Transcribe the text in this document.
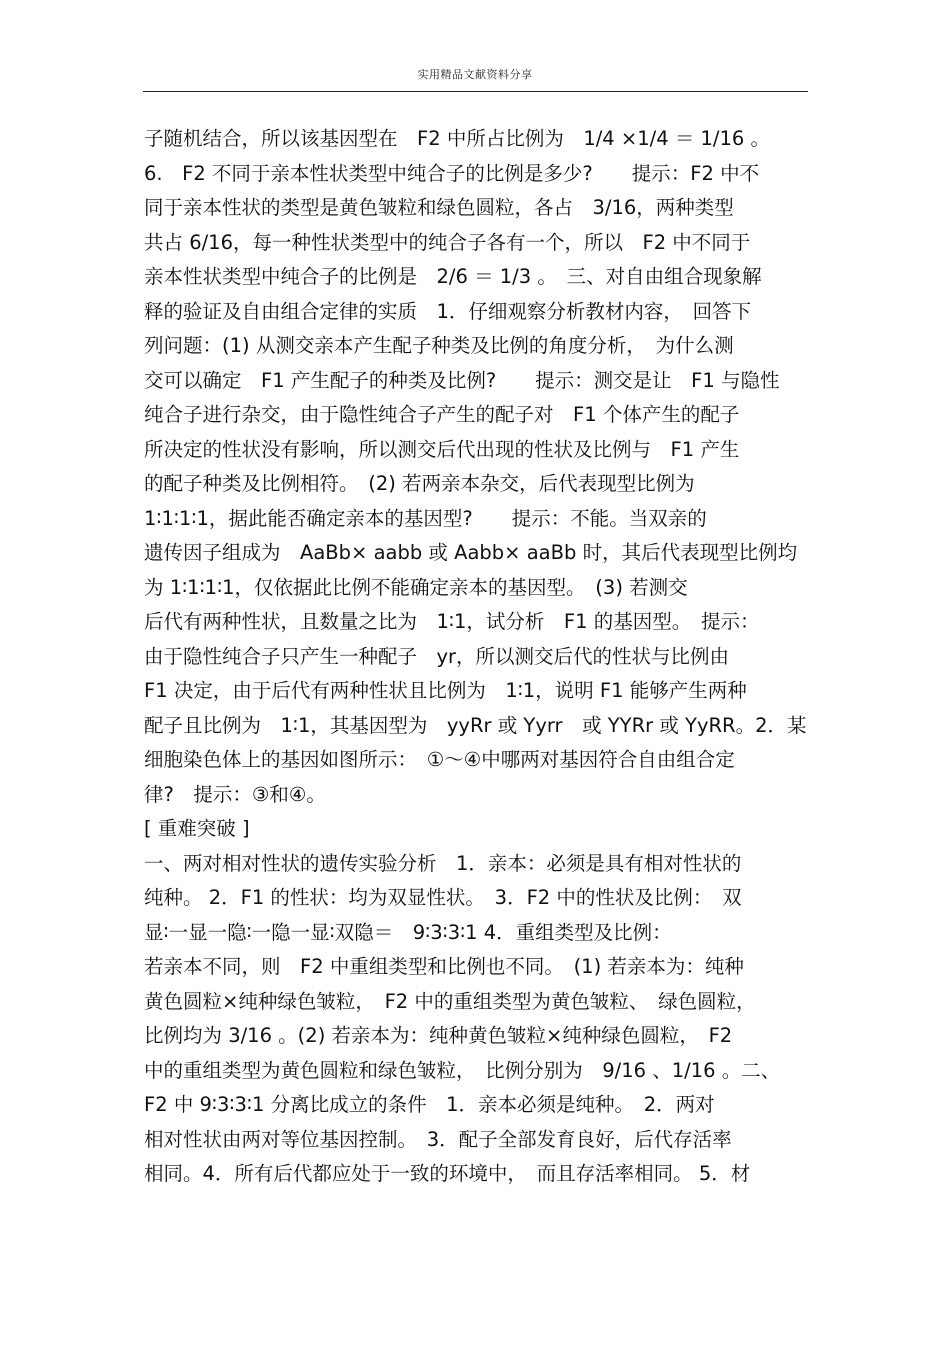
实用精品文献资料分享
子随机结合，所以该基因型在　F2 中所占比例为　1/4 ×1/4 ＝ 1/16 。
6.　F2 不同于亲本性状类型中纯合子的比例是多少?　　提示：F2 中不
同于亲本性状的类型是黄色皱粒和绿色圆粒，各占　3/16，两种类型
共占 6/16，每一种性状类型中的纯合子各有一个，所以　F2 中不同于
亲本性状类型中纯合子的比例是　2/6 ＝ 1/3 。　三、对自由组合现象解
释的验证及自由组合定律的实质　1．仔细观察分析教材内容，　回答下
列问题：(1) 从测交亲本产生配子种类及比例的角度分析，　为什么测
交可以确定　F1 产生配子的种类及比例?　　提示：测交是让　F1 与隐性
纯合子进行杂交，由于隐性纯合子产生的配子对　F1 个体产生的配子
所决定的性状没有影响，所以测交后代出现的性状及比例与　F1 产生
的配子种类及比例相符。　(2) 若两亲本杂交，后代表现型比例为
1∶1∶1∶1，据此能否确定亲本的基因型?　　提示：不能。当双亲的
遗传因子组成为　AaBb× aabb 或 Aabb× aaBb 时，其后代表现型比例均
为 1∶1∶1∶1，仅依据此比例不能确定亲本的基因型。　(3) 若测交
后代有两种性状，且数量之比为　1∶1，试分析　F1 的基因型。　提示：
由于隐性纯合子只产生一种配子　yr，所以测交后代的性状与比例由
F1 决定，由于后代有两种性状且比例为　1∶1，说明 F1 能够产生两种
配子且比例为　1∶1，其基因型为　yyRr 或 Yyrr　或 YYRr 或 YyRR。2．某
细胞染色体上的基因如图所示：　①～④中哪两对基因符合自由组合定
律?　提示：③和④。
[ 重难突破 ]
一、两对相对性状的遗传实验分析　1．亲本：必须是具有相对性状的
纯种。 2．F1 的性状：均为双显性状。　3．F2 中的性状及比例：　双
显∶一显一隐∶一隐一显∶双隐＝　9∶3∶3∶1 4．重组类型及比例：
若亲本不同，则　F2 中重组类型和比例也不同。　(1) 若亲本为：纯种
黄色圆粒×纯种绿色皱粒，　F2 中的重组类型为黄色皱粒、　绿色圆粒，
比例均为 3/16 。(2) 若亲本为：纯种黄色皱粒×纯种绿色圆粒，　F2
中的重组类型为黄色圆粒和绿色皱粒，　比例分别为　9/16 、1/16 。二、
F2 中 9∶3∶3∶1 分离比成立的条件　1．亲本必须是纯种。　2．两对
相对性状由两对等位基因控制。　3．配子全部发育良好，后代存活率
相同。4．所有后代都应处于一致的环境中，　而且存活率相同。 5．材
